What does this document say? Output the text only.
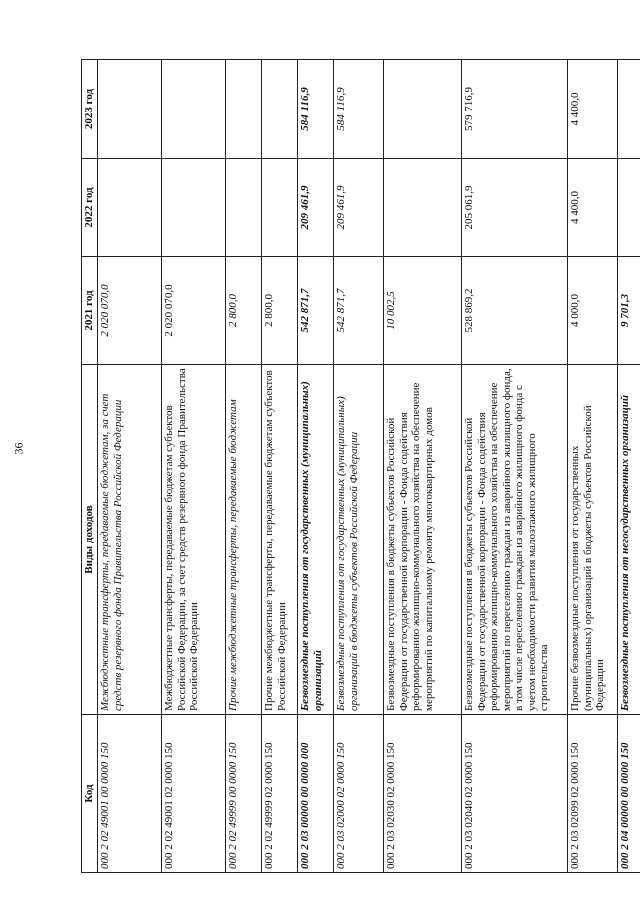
36
Код	Виды доходов	2021 год	2022 год	2023 год
000 2 02 49001 00 0000 150	Межбюджетные трансферты, передаваемые бюджетам, за счет средств резервного фонда Правительства Российской Федерации	2 020 070,0		
000 2 02 49001 02 0000 150	Межбюджетные трансферты, передаваемые бюджетам субъектов Российской Федерации, за счет средств резервного фонда Правительства Российской Федерации	2 020 070,0		
000 2 02 49999 00 0000 150	Прочие межбюджетные трансферты, передаваемые бюджетам	2 800,0		
000 2 02 49999 02 0000 150	Прочие межбюджетные трансферты, передаваемые бюджетам субъектов Российской Федерации	2 800,0		
000 2 03 00000 00 0000 000	Безвозмездные поступления от государственных (муниципальных) организаций	542 871,7	209 461,9	584 116,9
000 2 03 02000 02 0000 150	Безвозмездные поступления от государственных (муниципальных) организаций в бюджеты субъектов Российской Федерации	542 871,7	209 461,9	584 116,9
000 2 03 02030 02 0000 150	Безвозмездные поступления в бюджеты субъектов Российской Федерации от государственной корпорации - Фонда содействия реформированию жилищно-коммунального хозяйства на обеспечение мероприятий по капитальному ремонту многоквартирных домов	10 002,5		
000 2 03 02040 02 0000 150	Безвозмездные поступления в бюджеты субъектов Российской Федерации от государственной корпорации - Фонда содействия реформированию жилищно-коммунального хозяйства на обеспечение мероприятий по переселению граждан из аварийного жилищного фонда, в том числе переселению граждан из аварийного жилищного фонда с учетом необходимости развития малоэтажного жилищного строительства	528 869,2	205 061,9	579 716,9
000 2 03 02099 02 0000 150	Прочие безвозмездные поступления от государственных (муниципальных) организаций в бюджеты субъектов Российской Федерации	4 000,0	4 400,0	4 400,0
000 2 04 00000 00 0000 150	Безвозмездные поступления от негосударственных организаций	9 701,3		
